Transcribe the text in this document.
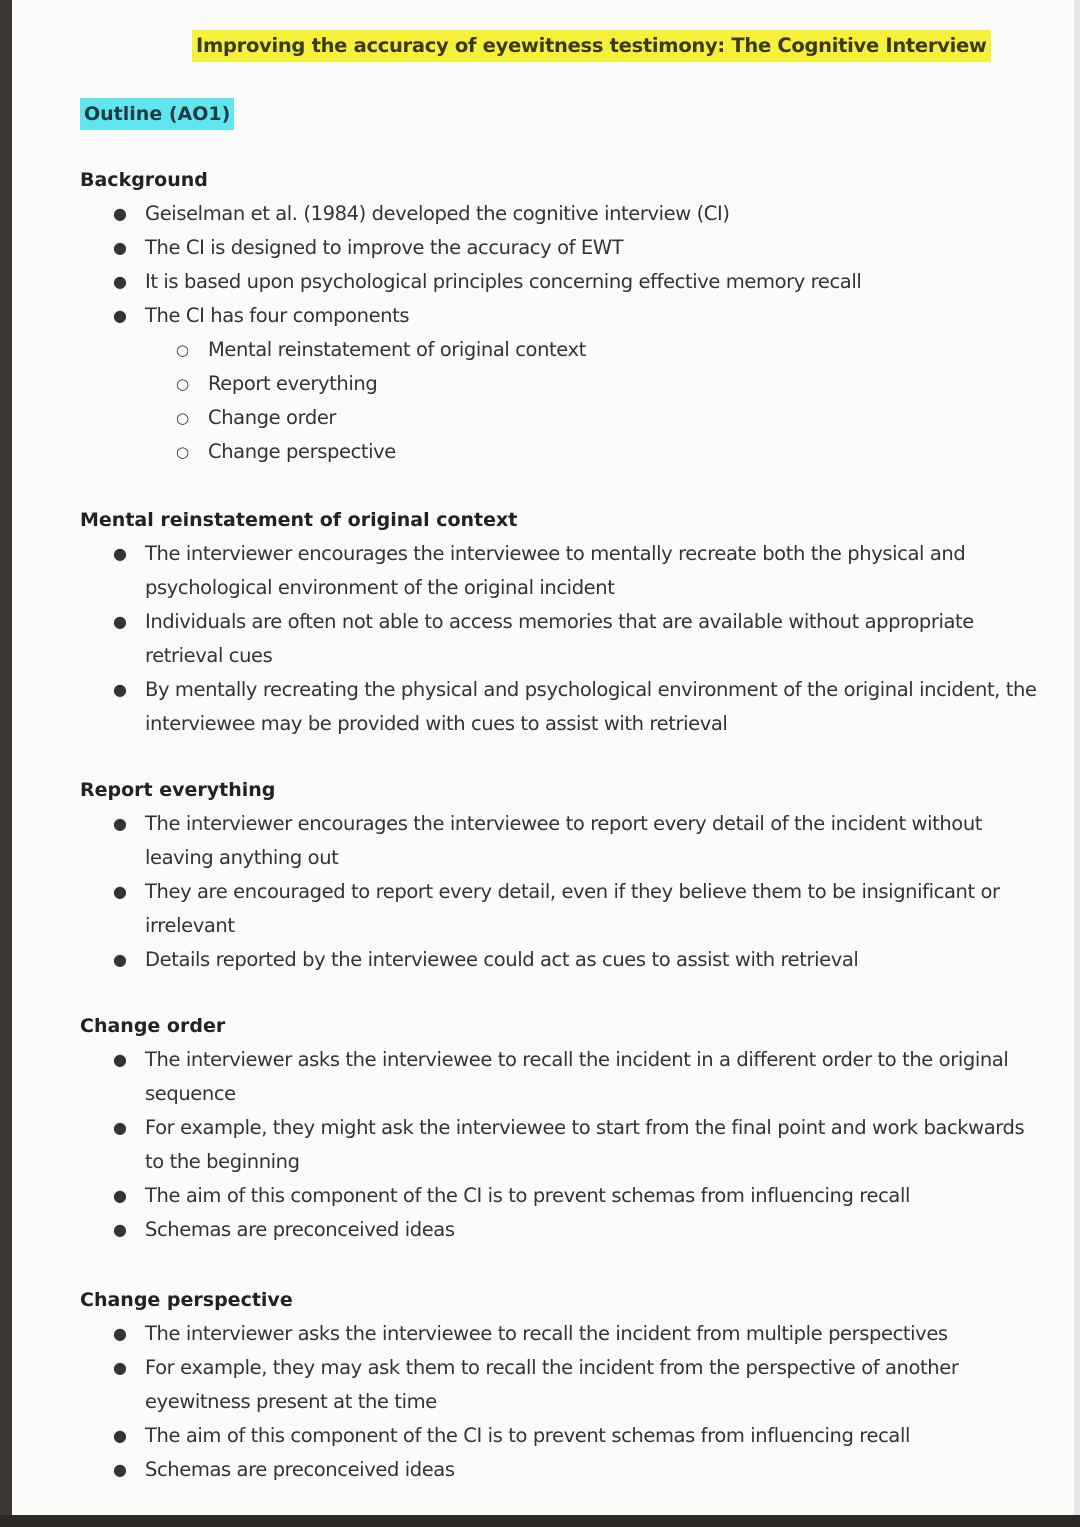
Improving the accuracy of eyewitness testimony: The Cognitive Interview
Outline (AO1)
Background
● Geiselman et al. (1984) developed the cognitive interview (CI)
● The CI is designed to improve the accuracy of EWT
● It is based upon psychological principles concerning effective memory recall
● The CI has four components
○ Mental reinstatement of original context
○ Report everything
○ Change order
○ Change perspective
Mental reinstatement of original context
● The interviewer encourages the interviewee to mentally recreate both the physical and
psychological environment of the original incident
● Individuals are often not able to access memories that are available without appropriate
retrieval cues
● By mentally recreating the physical and psychological environment of the original incident, the
interviewee may be provided with cues to assist with retrieval
Report everything
● The interviewer encourages the interviewee to report every detail of the incident without
leaving anything out
● They are encouraged to report every detail, even if they believe them to be insignificant or
irrelevant
● Details reported by the interviewee could act as cues to assist with retrieval
Change order
● The interviewer asks the interviewee to recall the incident in a different order to the original
sequence
● For example, they might ask the interviewee to start from the final point and work backwards
to the beginning
● The aim of this component of the CI is to prevent schemas from influencing recall
● Schemas are preconceived ideas
Change perspective
● The interviewer asks the interviewee to recall the incident from multiple perspectives
● For example, they may ask them to recall the incident from the perspective of another
eyewitness present at the time
● The aim of this component of the CI is to prevent schemas from influencing recall
● Schemas are preconceived ideas
